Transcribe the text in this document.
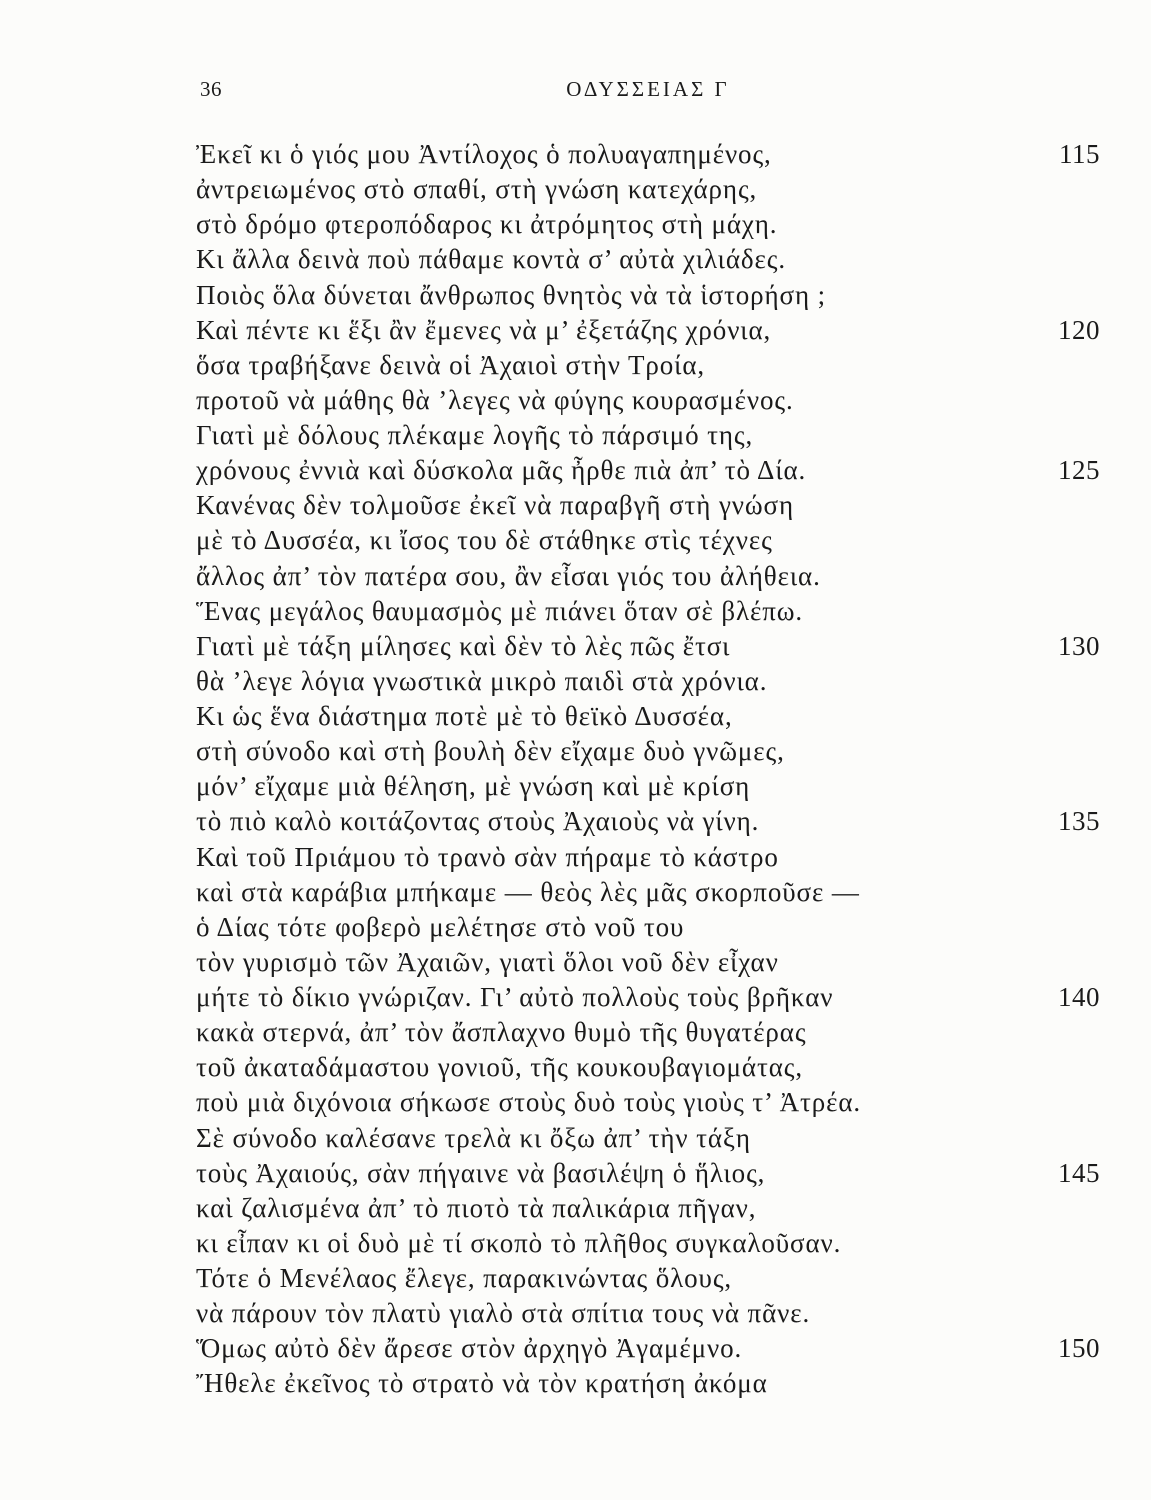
36	ΟΔΥΣΣΕΙΑΣ Γ
Ἐκεῖ κι ὁ γιός μου Ἀντίλοχος ὁ πολυαγαπημένος,	115
ἀντρειωμένος στὸ σπαθί, στὴ γνώση κατεχάρης,
στὸ δρόμο φτεροπόδαρος κι ἀτρόμητος στὴ μάχη.
Κι ἄλλα δεινὰ ποὺ πάθαμε κοντὰ σ’ αὐτὰ χιλιάδες.
Ποιὸς ὅλα δύνεται ἄνθρωπος θνητὸς νὰ τὰ ἱστορήση ;
Καὶ πέντε κι ἕξι ἂν ἔμενες νὰ μ’ ἐξετάζης χρόνια,	120
ὅσα τραβήξανε δεινὰ οἱ Ἀχαιοὶ στὴν Τροία,
προτοῦ νὰ μάθης θὰ ’λεγες νὰ φύγης κουρασμένος.
Γιατὶ μὲ δόλους πλέκαμε λογῆς τὸ πάρσιμό της,
χρόνους ἐννιὰ καὶ δύσκολα μᾶς ἦρθε πιὰ ἀπ’ τὸ Δία.	125
Κανένας δὲν τολμοῦσε ἐκεῖ νὰ παραβγῆ στὴ γνώση
μὲ τὸ Δυσσέα, κι ἴσος του δὲ στάθηκε στὶς τέχνες
ἄλλος ἀπ’ τὸν πατέρα σου, ἂν εἶσαι γιός του ἀλήθεια.
Ἕνας μεγάλος θαυμασμὸς μὲ πιάνει ὅταν σὲ βλέπω.
Γιατὶ μὲ τάξη μίλησες καὶ δὲν τὸ λὲς πῶς ἔτσι	130
θὰ ’λεγε λόγια γνωστικὰ μικρὸ παιδὶ στὰ χρόνια.
Κι ὡς ἕνα διάστημα ποτὲ μὲ τὸ θεϊκὸ Δυσσέα,
στὴ σύνοδο καὶ στὴ βουλὴ δὲν εἴχαμε δυὸ γνῶμες,
μόν’ εἴχαμε μιὰ θέληση, μὲ γνώση καὶ μὲ κρίση
τὸ πιὸ καλὸ κοιτάζοντας στοὺς Ἀχαιοὺς νὰ γίνη.	135
Καὶ τοῦ Πριάμου τὸ τρανὸ σὰν πήραμε τὸ κάστρο
καὶ στὰ καράβια μπήκαμε — θεὸς λὲς μᾶς σκορποῦσε —
ὁ Δίας τότε φοβερὸ μελέτησε στὸ νοῦ του
τὸν γυρισμὸ τῶν Ἀχαιῶν, γιατὶ ὅλοι νοῦ δὲν εἶχαν
μήτε τὸ δίκιο γνώριζαν. Γι’ αὐτὸ πολλοὺς τοὺς βρῆκαν	140
κακὰ στερνά, ἀπ’ τὸν ἄσπλαχνο θυμὸ τῆς θυγατέρας
τοῦ ἀκαταδάμαστου γονιοῦ, τῆς κουκουβαγιομάτας,
ποὺ μιὰ διχόνοια σήκωσε στοὺς δυὸ τοὺς γιοὺς τ’ Ἀτρέα.
Σὲ σύνοδο καλέσανε τρελὰ κι ὄξω ἀπ’ τὴν τάξη
τοὺς Ἀχαιούς, σὰν πήγαινε νὰ βασιλέψη ὁ ἥλιος,	145
καὶ ζαλισμένα ἀπ’ τὸ πιοτὸ τὰ παλικάρια πῆγαν,
κι εἶπαν κι οἱ δυὸ μὲ τί σκοπὸ τὸ πλῆθος συγκαλοῦσαν.
Τότε ὁ Μενέλαος ἔλεγε, παρακινώντας ὅλους,
νὰ πάρουν τὸν πλατὺ γιαλὸ στὰ σπίτια τους νὰ πᾶνε.
Ὅμως αὐτὸ δὲν ἄρεσε στὸν ἀρχηγὸ Ἀγαμέμνο.	150
Ἤθελε ἐκεῖνος τὸ στρατὸ νὰ τὸν κρατήση ἀκόμα
